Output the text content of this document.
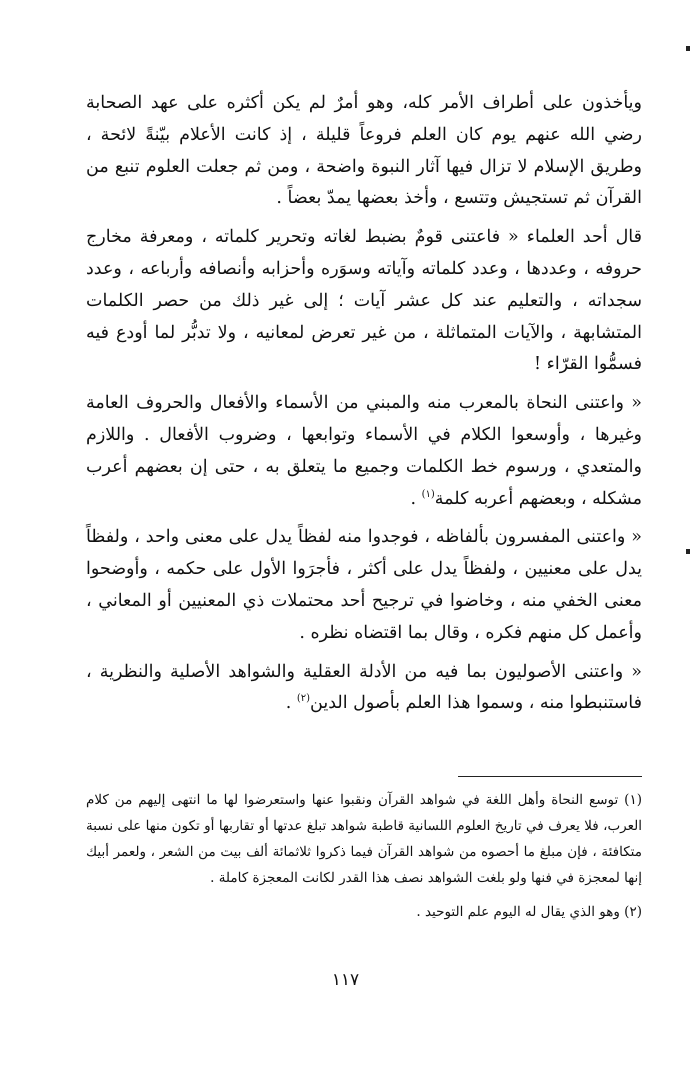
ويأخذون على أطراف الأمر كله، وهو أمرٌ لم يكن أكثره على عهد الصحابة رضي الله عنهم يوم كان العلم فروعاً قليلة ، إذ كانت الأعلام بيّنةً لائحة ، وطريق الإسلام لا تزال فيها آثار النبوة واضحة ، ومن ثم جعلت العلوم تنبع من القرآن ثم تستجيش وتتسع ، وأخذ بعضها يمدّ بعضاً .

قال أحد العلماء « فاعتنى قومٌ بضبط لغاته وتحرير كلماته ، ومعرفة مخارج حروفه ، وعددها ، وعدد كلماته وآياته وسوَره وأحزابه وأنصافه وأرباعه ، وعدد سجداته ، والتعليم عند كل عشر آيات ؛ إلى غير ذلك من حصر الكلمات المتشابهة ، والآيات المتماثلة ، من غير تعرض لمعانيه ، ولا تدبُّر لما أودع فيه فسمُّوا القرّاء !

« واعتنى النحاة بالمعرب منه والمبني من الأسماء والأفعال والحروف العامة وغيرها ، وأوسعوا الكلام في الأسماء وتوابعها ، وضروب الأفعال . واللازم والمتعدي ، ورسوم خط الكلمات وجميع ما يتعلق به ، حتى إن بعضهم أعرب مشكله ، وبعضهم أعربه كلمة$^{(١)}$ .

« واعتنى المفسرون بألفاظه ، فوجدوا منه لفظاً يدل على معنى واحد ، ولفظاً يدل على معنيين ، ولفظاً يدل على أكثر ، فأجرَوا الأول على حكمه ، وأوضحوا معنى الخفي منه ، وخاضوا في ترجيح أحد محتملات ذي المعنيين أو المعاني ، وأعمل كل منهم فكره ، وقال بما اقتضاه نظره .

« واعتنى الأصوليون بما فيه من الأدلة العقلية والشواهد الأصلية والنظرية ، فاستنبطوا منه ، وسموا هذا العلم بأصول الدين$^{(٢)}$ .

(١) توسع النحاة وأهل اللغة في شواهد القرآن ونقبوا عنها واستعرضوا لها ما انتهى إليهم من كلام العرب، فلا يعرف في تاريخ العلوم اللسانية قاطبة شواهد تبلغ عدتها أو تقاربها أو تكون منها على نسبة متكافئة ، فإن مبلغ ما أحصوه من شواهد القرآن فيما ذكروا ثلاثمائة ألف بيت من الشعر ، ولعمر أبيك إنها لمعجزة في فنها ولو بلغت الشواهد نصف هذا القدر لكانت المعجزة كاملة .

(٢) وهو الذي يقال له اليوم علم التوحيد .

١١٧
